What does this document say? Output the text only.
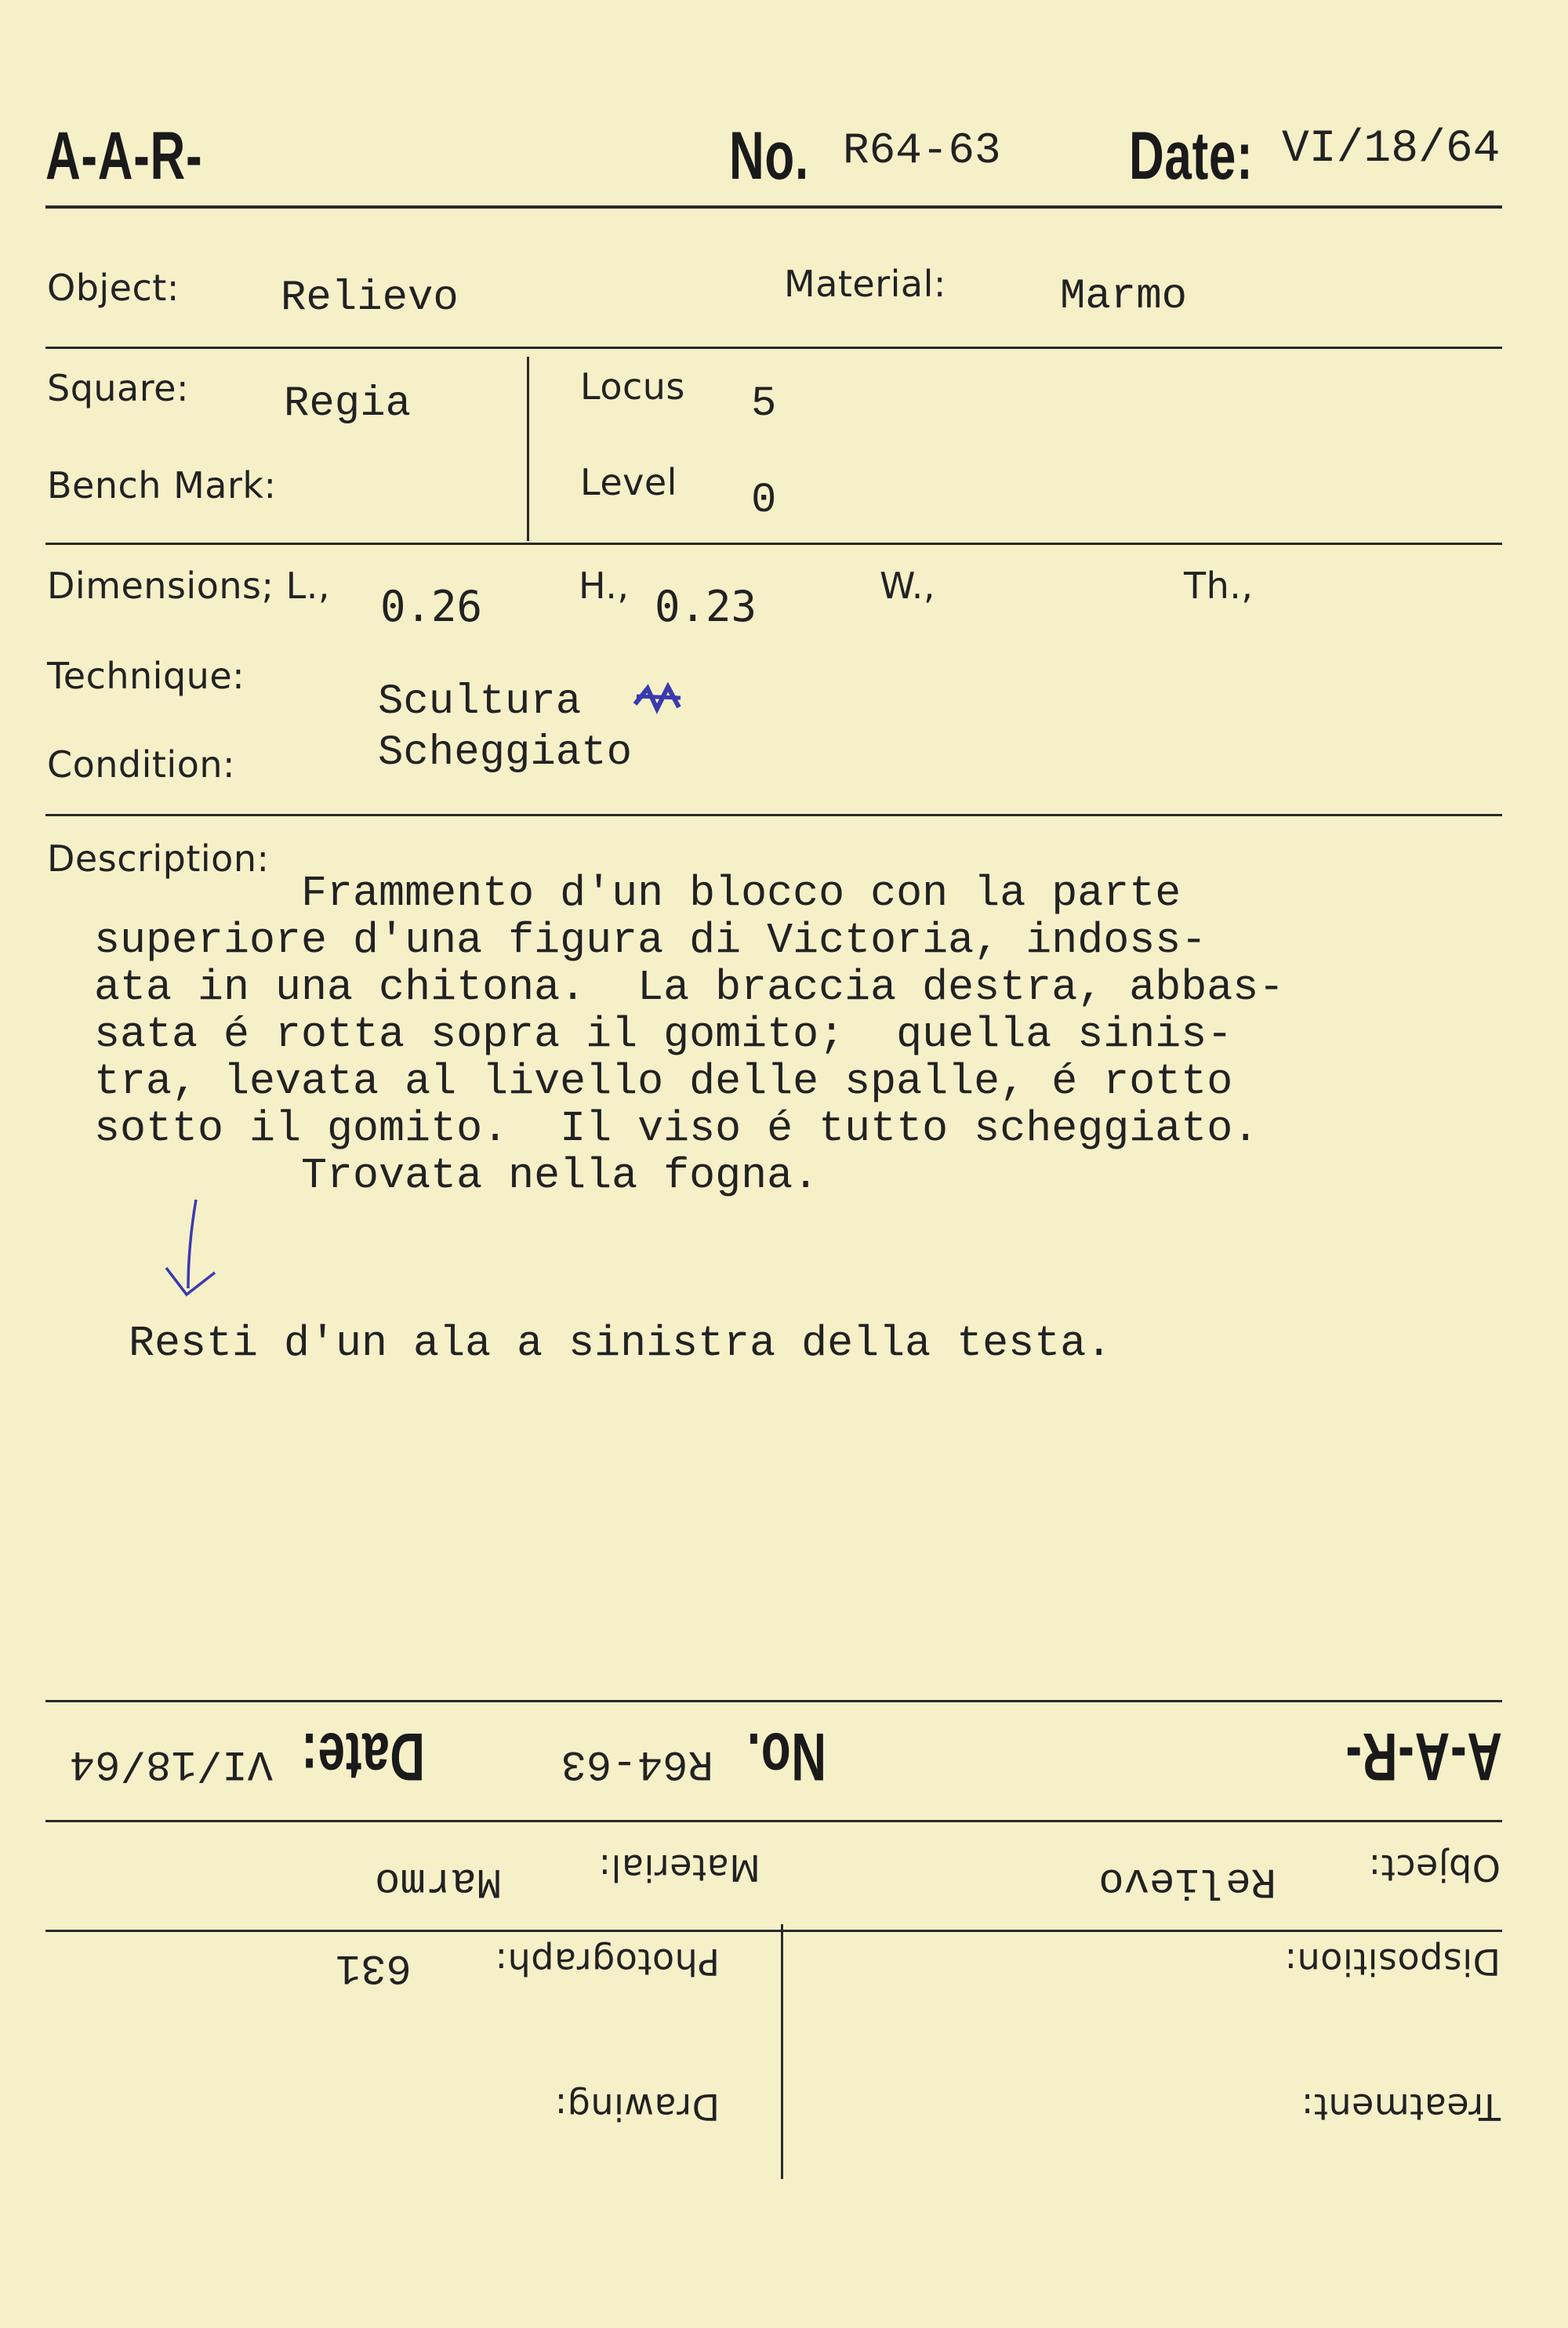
A-A-R-	No. R64-63 Date: VI/18/64
Object: Relievo	Material:	Marmo
Square: Regia
Bench Mark:
Locus 5
Level 0
Dimensions; L., 0.26	H., 0.23	W.,	Th.,
Technique:
Scultura
Condition:	Scheggiato
Description:
Frammento d'un blocco con la parte
superiore d'una figura di Victoria, indoss-
ata in una chitona.  La braccia destra, abbas-
sata é rotta sopra il gomito;  quella sinis-
tra, levata al livello delle spalle, é rotto
sotto il gomito.  Il viso é tutto scheggiato.
Trovata nella fogna.
Resti d'un ala a sinistra della testa.
A-A-R-
No.
R64-63
Date:
VI/18/64
Object:
Relievo
Material:
Marmo
Disposition:
Photograph:
631
Treatment:
Drawing:
